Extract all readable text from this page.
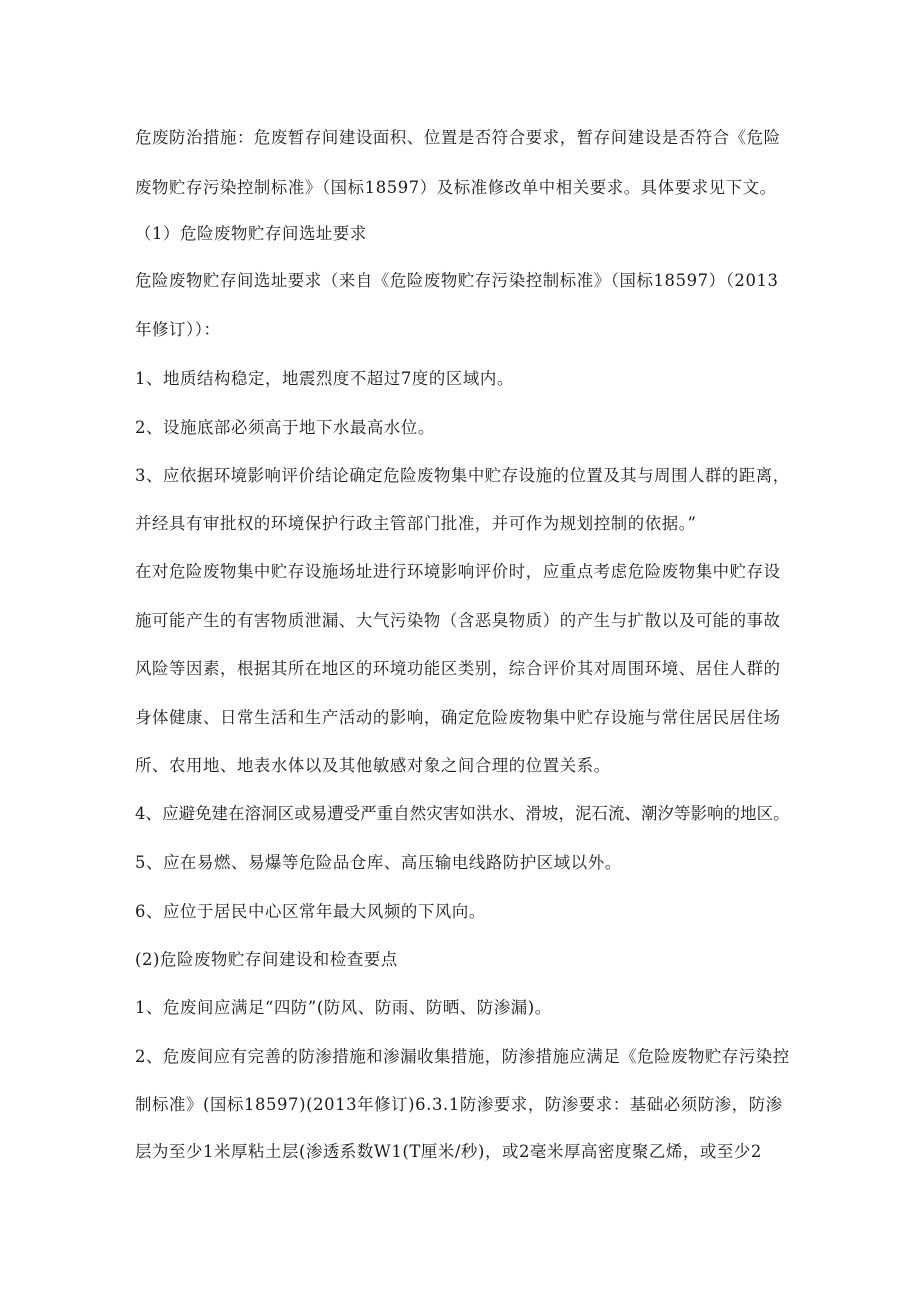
危废防治措施：危废暂存间建设面积、位置是否符合要求，暂存间建设是否符合《危险
废物贮存污染控制标准》（国标18597）及标准修改单中相关要求。具体要求见下文。
（1）危险废物贮存间选址要求
危险废物贮存间选址要求（来自《危险废物贮存污染控制标准》（国标18597）（2013
年修订））：
1、地质结构稳定，地震烈度不超过7度的区域内。
2、设施底部必须高于地下水最高水位。
3、应依据环境影响评价结论确定危险废物集中贮存设施的位置及其与周围人群的距离，
并经具有审批权的环境保护行政主管部门批准，并可作为规划控制的依据。”
在对危险废物集中贮存设施场址进行环境影响评价时，应重点考虑危险废物集中贮存设
施可能产生的有害物质泄漏、大气污染物（含恶臭物质）的产生与扩散以及可能的事故
风险等因素，根据其所在地区的环境功能区类别，综合评价其对周围环境、居住人群的
身体健康、日常生活和生产活动的影响，确定危险废物集中贮存设施与常住居民居住场
所、农用地、地表水体以及其他敏感对象之间合理的位置关系。
4、应避免建在溶洞区或易遭受严重自然灾害如洪水、滑坡，泥石流、潮汐等影响的地区。
5、应在易燃、易爆等危险品仓库、高压输电线路防护区域以外。
6、应位于居民中心区常年最大风频的下风向。
(2)危险废物贮存间建设和检查要点
1、危废间应满足“四防”(防风、防雨、防晒、防渗漏)。
2、危废间应有完善的防渗措施和渗漏收集措施，防渗措施应满足《危险废物贮存污染控
制标准》(国标18597)(2013年修订)6.3.1防渗要求，防渗要求：基础必须防渗，防渗
层为至少1米厚粘土层(渗透系数W1(T厘米/秒)，或2毫米厚高密度聚乙烯，或至少2
